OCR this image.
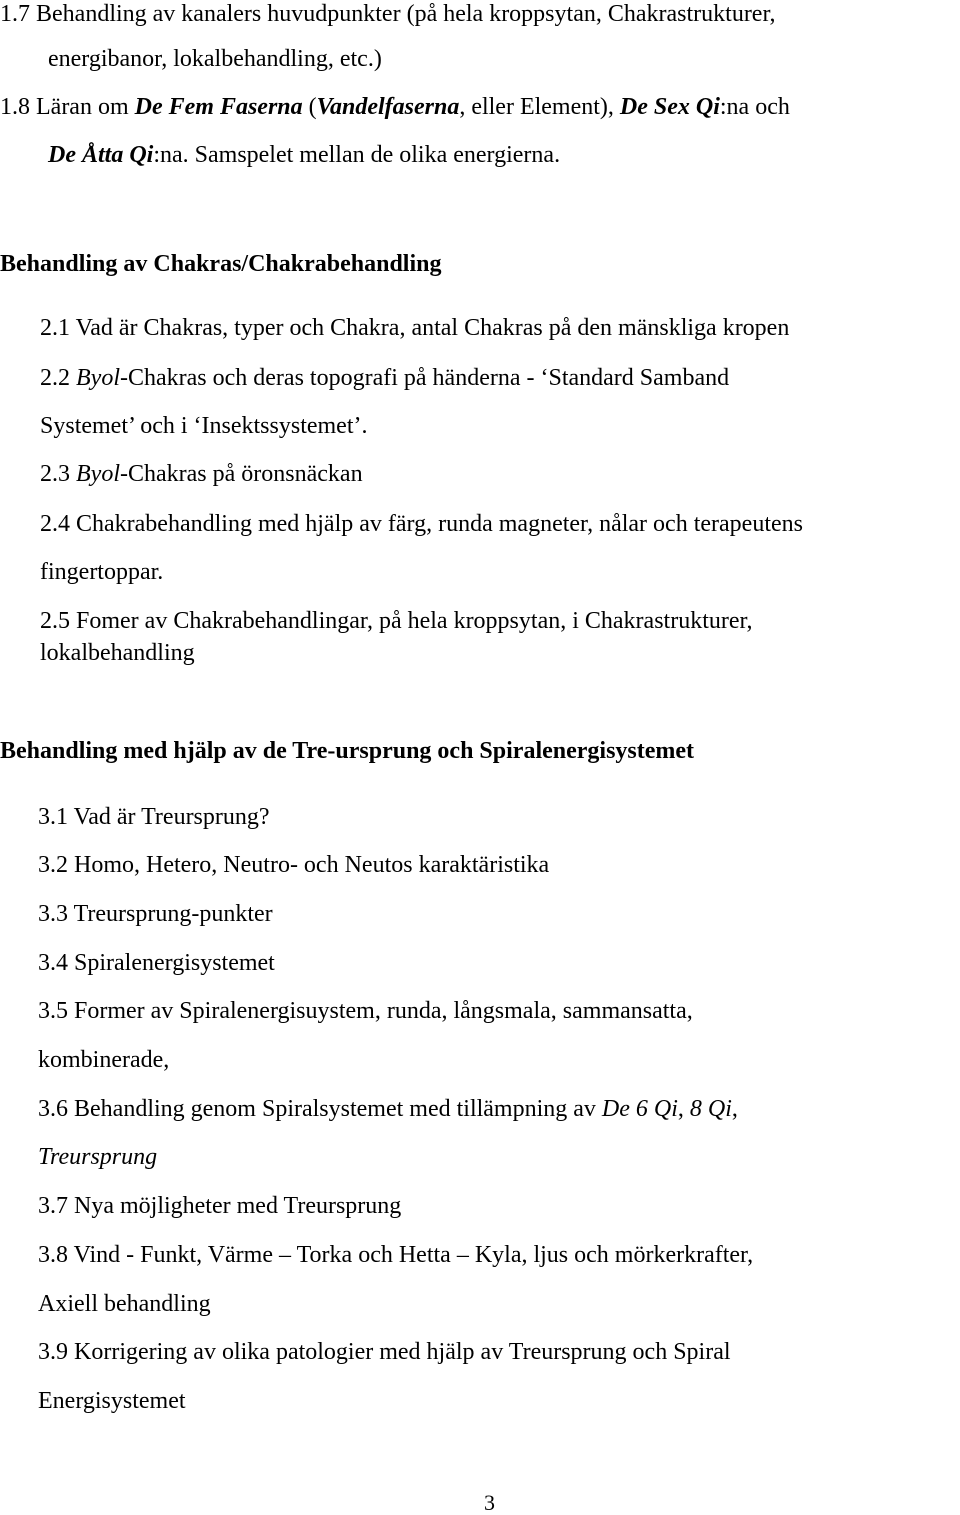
1.7 Behandling av kanalers huvudpunkter (på hela kroppsytan, Chakrastrukturer,
energibanor, lokalbehandling, etc.)
1.8 Läran om De Fem Faserna (Vandelfaserna, eller Element), De Sex Qi:na och
De Åtta Qi:na. Samspelet mellan de olika energierna.
Behandling av Chakras/Chakrabehandling
2.1 Vad är Chakras, typer och Chakra, antal Chakras på den mänskliga kropen
2.2 Byol-Chakras och deras topografi på händerna - ‘Standard Samband
Systemet’ och i ‘Insektssystemet’.
2.3 Byol-Chakras på öronsnäckan
2.4 Chakrabehandling med hjälp av färg, runda magneter, nålar och terapeutens
fingertoppar.
2.5 Fomer av Chakrabehandlingar, på hela kroppsytan, i Chakrastrukturer,
lokalbehandling
Behandling med hjälp av de Tre-ursprung och Spiralenergisystemet
3.1 Vad är Treursprung?
3.2 Homo, Hetero, Neutro- och Neutos karaktäristika
3.3 Treursprung-punkter
3.4 Spiralenergisystemet
3.5 Former av Spiralenergisuystem, runda, långsmala, sammansatta,
kombinerade,
3.6 Behandling genom Spiralsystemet med tillämpning av De 6 Qi, 8 Qi,
Treursprung
3.7 Nya möjligheter med Treursprung
3.8 Vind - Funkt, Värme – Torka och Hetta – Kyla, ljus och mörkerkrafter,
Axiell behandling
3.9 Korrigering av olika patologier med hjälp av Treursprung och Spiral
Energisystemet
3
